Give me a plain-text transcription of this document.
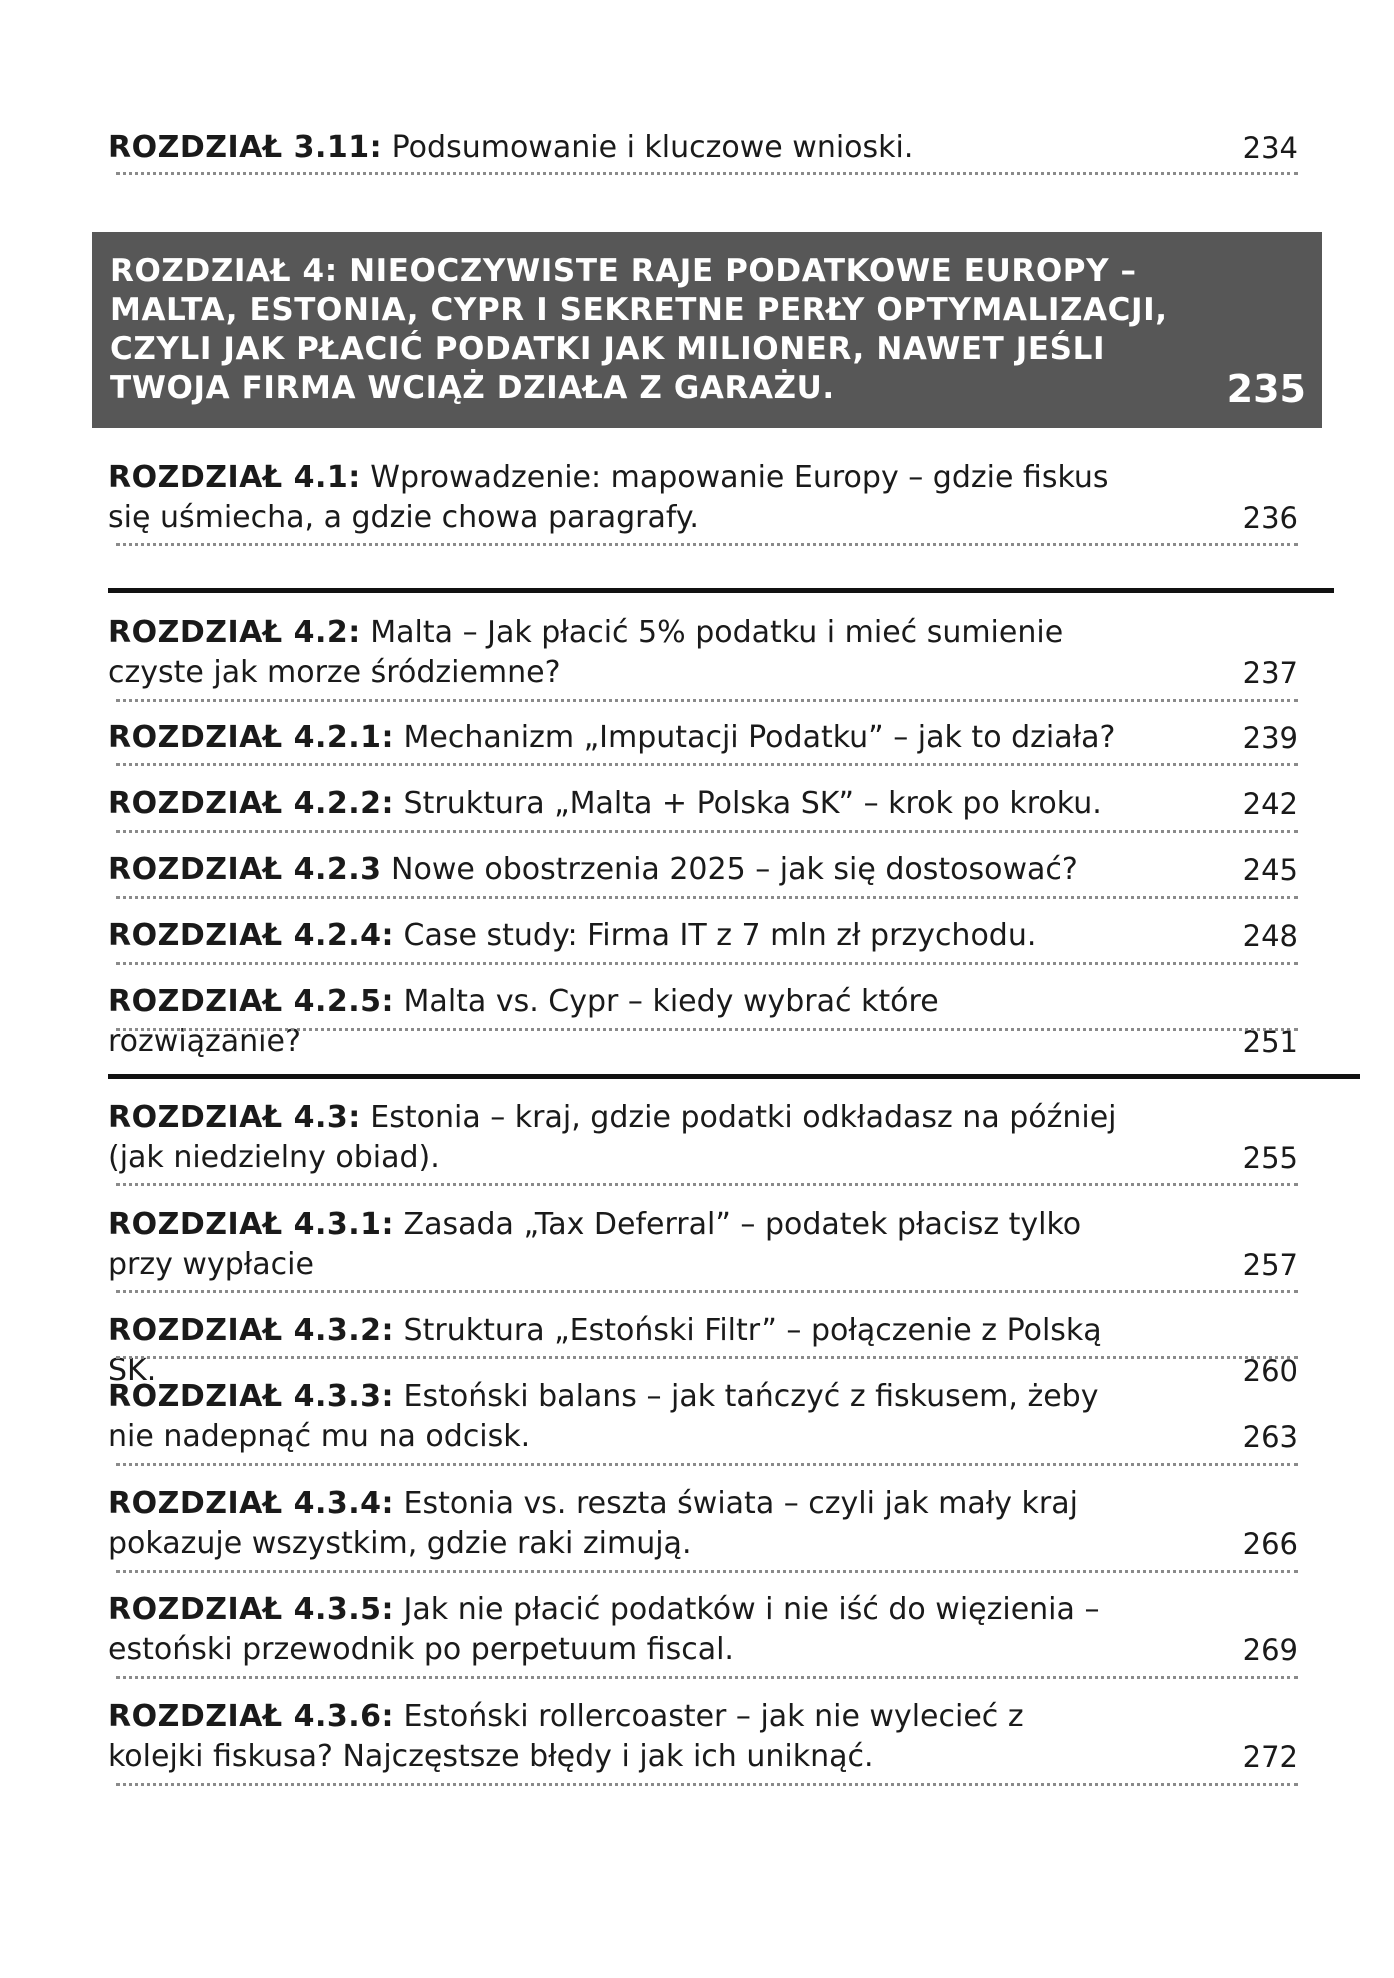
ROZDZIAŁ 3.11: Podsumowanie i kluczowe wnioski.	234
ROZDZIAŁ 4: NIEOCZYWISTE RAJE PODATKOWE EUROPY – MALTA, ESTONIA, CYPR I SEKRETNE PERŁY OPTYMALIZACJI, CZYLI JAK PŁACIĆ PODATKI JAK MILIONER, NAWET JEŚLI TWOJA FIRMA WCIĄŻ DZIAŁA Z GARAŻU.	235
ROZDZIAŁ 4.1: Wprowadzenie: mapowanie Europy – gdzie fiskus się uśmiecha, a gdzie chowa paragrafy.	236
ROZDZIAŁ 4.2: Malta – Jak płacić 5% podatku i mieć sumienie czyste jak morze śródziemne?	237
ROZDZIAŁ 4.2.1: Mechanizm „Imputacji Podatku” – jak to działa?	239
ROZDZIAŁ 4.2.2: Struktura „Malta + Polska SK” – krok po kroku.	242
ROZDZIAŁ 4.2.3 Nowe obostrzenia 2025 – jak się dostosować?	245
ROZDZIAŁ 4.2.4: Case study: Firma IT z 7 mln zł przychodu.	248
ROZDZIAŁ 4.2.5: Malta vs. Cypr – kiedy wybrać które rozwiązanie?	251
ROZDZIAŁ 4.3: Estonia – kraj, gdzie podatki odkładasz na później (jak niedzielny obiad).	255
ROZDZIAŁ 4.3.1: Zasada „Tax Deferral” – podatek płacisz tylko przy wypłacie	257
ROZDZIAŁ 4.3.2: Struktura „Estoński Filtr” – połączenie z Polską SK.	260
ROZDZIAŁ 4.3.3: Estoński balans – jak tańczyć z fiskusem, żeby nie nadepnąć mu na odcisk.	263
ROZDZIAŁ 4.3.4: Estonia vs. reszta świata – czyli jak mały kraj pokazuje wszystkim, gdzie raki zimują.	266
ROZDZIAŁ 4.3.5: Jak nie płacić podatków i nie iść do więzienia – estoński przewodnik po perpetuum fiscal.	269
ROZDZIAŁ 4.3.6: Estoński rollercoaster – jak nie wylecieć z kolejki fiskusa? Najczęstsze błędy i jak ich uniknąć.	272
